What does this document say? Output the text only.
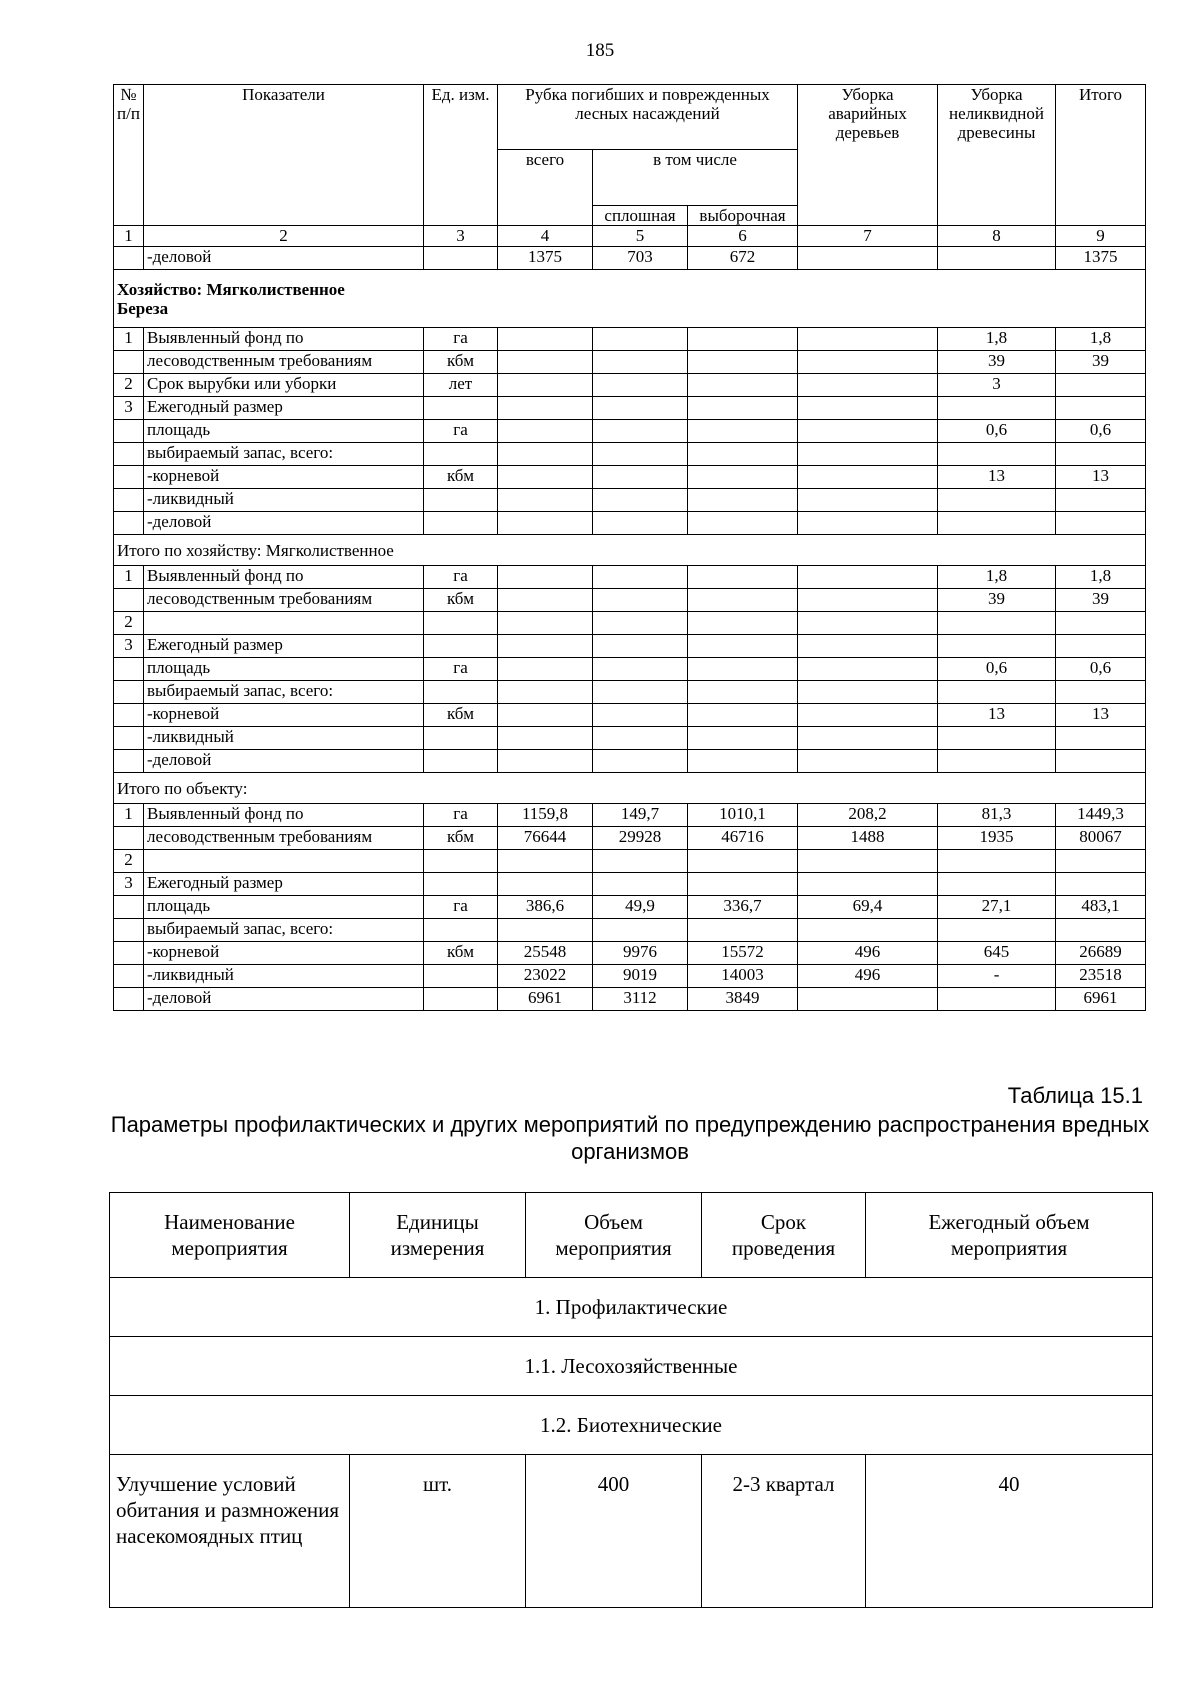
185
№ п/п	Показатели	Ед. изм.	Рубка погибших и поврежденных лесных насаждений			Уборка аварийных деревьев	Уборка неликвидной древесины	Итого
			всего	в том числе				
				сплошная	выборочная			
1	2	3	4	5	6	7	8	9
	-деловой		1375	703	672			1375

Хозяйство: Мягколиственное
Береза								

1	Выявленный фонд по	га					1,8	1,8
	лесоводственным требованиям	кбм					39	39
2	Срок вырубки или уборки	лет					3	
3	Ежегодный размер							
	площадь	га					0,6	0,6
	выбираемый запас, всего:							
	-корневой	кбм					13	13
	-ликвидный							
	-деловой							
Итого по хозяйству: Мягколиственное								
1	Выявленный фонд по	га					1,8	1,8
	лесоводственным требованиям	кбм					39	39
2								
3	Ежегодный размер							
	площадь	га					0,6	0,6
	выбираемый запас, всего:							
	-корневой	кбм					13	13
	-ликвидный							
	-деловой							
Итого по объекту:								
1	Выявленный фонд по	га	1159,8	149,7	1010,1	208,2	81,3	1449,3
	лесоводственным требованиям	кбм	76644	29928	46716	1488	1935	80067
2								
3	Ежегодный размер							
	площадь	га	386,6	49,9	336,7	69,4	27,1	483,1
	выбираемый запас, всего:							
	-корневой	кбм	25548	9976	15572	496	645	26689
	-ликвидный		23022	9019	14003	496	-	23518
	-деловой		6961	3112	3849			6961
Таблица 15.1
Параметры профилактических и других мероприятий по предупреждению распространения вредных организмов
Наименование мероприятия	Единицы измерения	Объем мероприятия	Срок проведения	Ежегодный объем мероприятия
1. Профилактические				
1.1. Лесохозяйственные				
1.2. Биотехнические				
Улучшение условий обитания и размножения насекомоядных птиц	шт.	400	2-3 квартал	40
